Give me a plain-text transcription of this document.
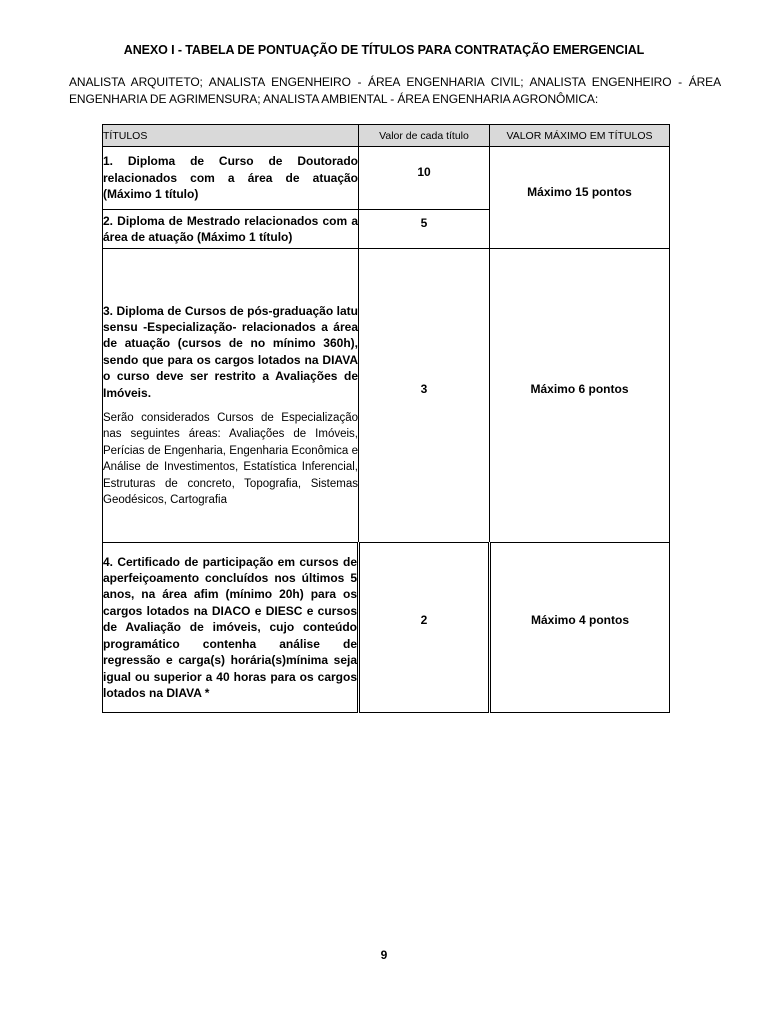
ANEXO I - TABELA DE PONTUAÇÃO DE TÍTULOS PARA CONTRATAÇÃO EMERGENCIAL
ANALISTA ARQUITETO; ANALISTA ENGENHEIRO - ÁREA ENGENHARIA CIVIL; ANALISTA ENGENHEIRO - ÁREA ENGENHARIA DE AGRIMENSURA; ANALISTA AMBIENTAL - ÁREA ENGENHARIA AGRONÔMICA:
TÍTULOS	Valor de cada título	VALOR MÁXIMO EM TÍTULOS

1. Diploma de Curso de Doutorado relacionados com a área de atuação (Máximo 1 título)	10	Máximo 15 pontos

2. Diploma de Mestrado relacionados com a área de atuação (Máximo 1 título)	5	

3. Diploma de Cursos de pós-graduação latu sensu -Especialização- relacionados a área de atuação (cursos de no mínimo 360h), sendo que para os cargos lotados na DIAVA o curso deve ser restrito a Avaliações de Imóveis.

Serão considerados Cursos de Especialização nas seguintes áreas: Avaliações de Imóveis, Perícias de Engenharia, Engenharia Econômica e Análise de Investimentos, Estatística Inferencial, Estruturas de concreto, Topografia, Sistemas Geodésicos, Cartografia	3	Máximo 6 pontos

4. Certificado de participação em cursos de aperfeiçoamento concluídos nos últimos 5 anos, na área afim (mínimo 20h) para os cargos lotados na DIACO e DIESC e cursos de Avaliação de imóveis, cujo conteúdo programático contenha análise de regressão e carga(s) horária(s)mínima seja igual ou superior a 40 horas para os cargos lotados na DIAVA *	2	Máximo 4 pontos
9
